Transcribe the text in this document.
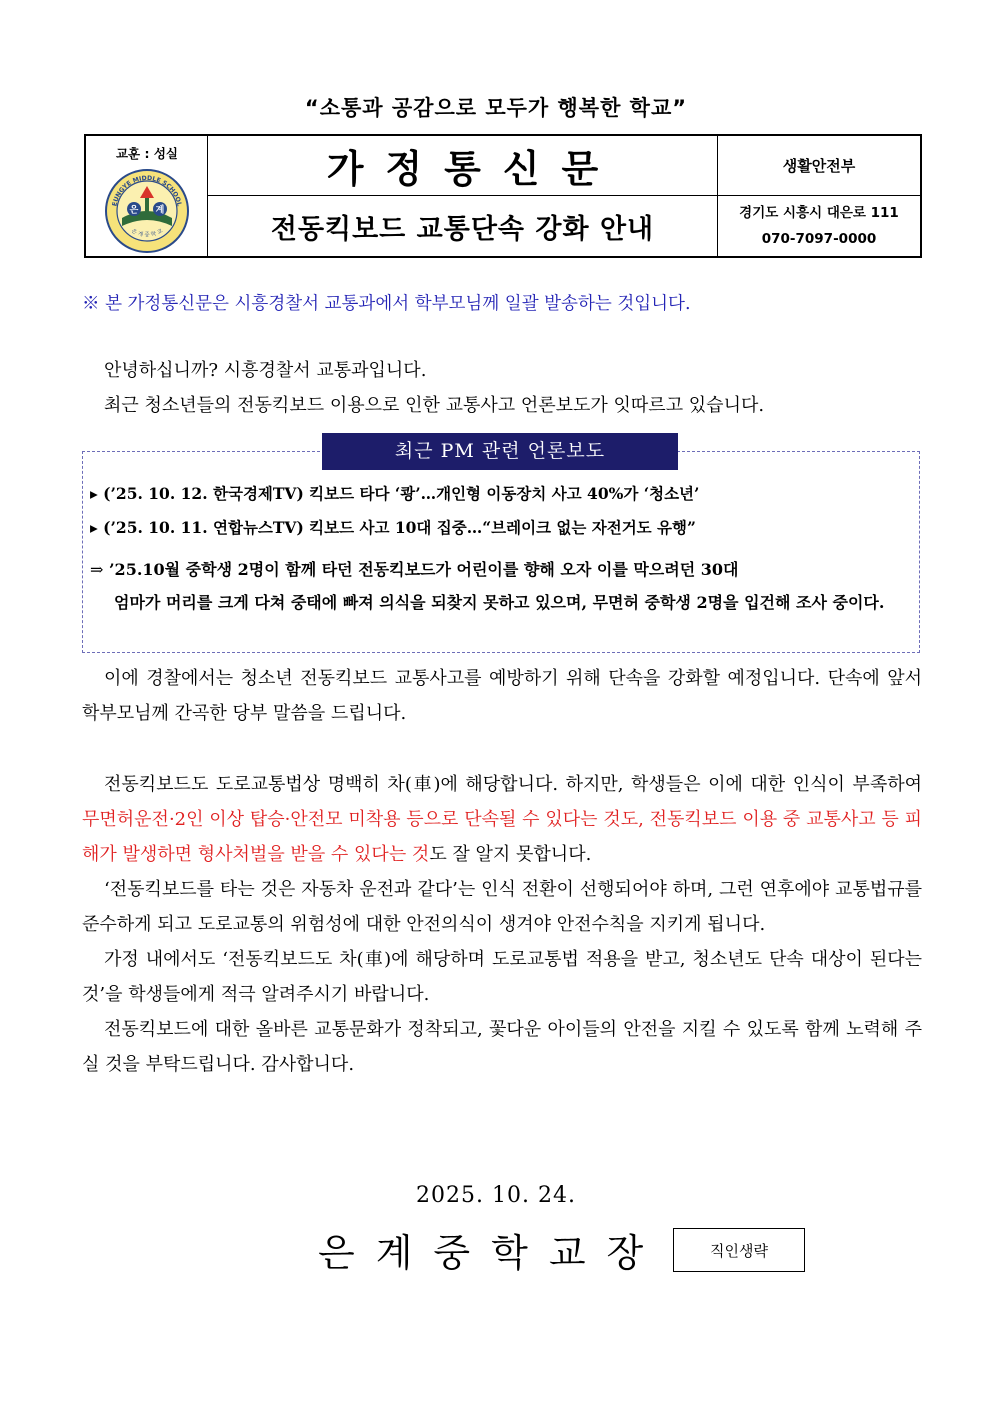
“소통과 공감으로 모두가 행복한 학교”
교훈 : 성실
EUNGYE MIDDLE SCHOOL
은 계
은 계 중 학 교
가정통신문
전동킥보드 교통단속 강화 안내
생활안전부
경기도 시흥시 대은로 111
070-7097-0000
※ 본 가정통신문은 시흥경찰서 교통과에서 학부모님께 일괄 발송하는 것입니다.

안녕하십니까? 시흥경찰서 교통과입니다.

최근 청소년들의 전동킥보드 이용으로 인한 교통사고 언론보도가 잇따르고 있습니다.

최근 PM 관련 언론보도
▸ (’25. 10. 12. 한국경제TV) 킥보드 타다 ‘쾅’…개인형 이동장치 사고 40%가 ‘청소년’
▸ (’25. 10. 11. 연합뉴스TV) 킥보드 사고 10대 집중…“브레이크 없는 자전거도 유행”
⇒ ’25.10월 중학생 2명이 함께 타던 전동킥보드가 어린이를 향해 오자 이를 막으려던 30대
엄마가 머리를 크게 다쳐 중태에 빠져 의식을 되찾지 못하고 있으며, 무면허 중학생 2명을 입건해 조사 중이다.

이에 경찰에서는 청소년 전동킥보드 교통사고를 예방하기 위해 단속을 강화할 예정입니다. 단속에 앞서 학부모님께 간곡한 당부 말씀을 드립니다.

전동킥보드도 도로교통법상 명백히 차(車)에 해당합니다. 하지만, 학생들은 이에 대한 인식이 부족하여 무면허운전·2인 이상 탑승·안전모 미착용 등으로 단속될 수 있다는 것도, 전동킥보드 이용 중 교통사고 등 피해가 발생하면 형사처벌을 받을 수 있다는 것도 잘 알지 못합니다.

‘전동킥보드를 타는 것은 자동차 운전과 같다’는 인식 전환이 선행되어야 하며, 그런 연후에야 교통법규를 준수하게 되고 도로교통의 위험성에 대한 안전의식이 생겨야 안전수칙을 지키게 됩니다.

가정 내에서도 ‘전동킥보드도 차(車)에 해당하며 도로교통법 적용을 받고, 청소년도 단속 대상이 된다는 것’을 학생들에게 적극 알려주시기 바랍니다.

전동킥보드에 대한 올바른 교통문화가 정착되고, 꽃다운 아이들의 안전을 지킬 수 있도록 함께 노력해 주실 것을 부탁드립니다. 감사합니다.

2025. 10. 24.
은계중학교장	직인생략
